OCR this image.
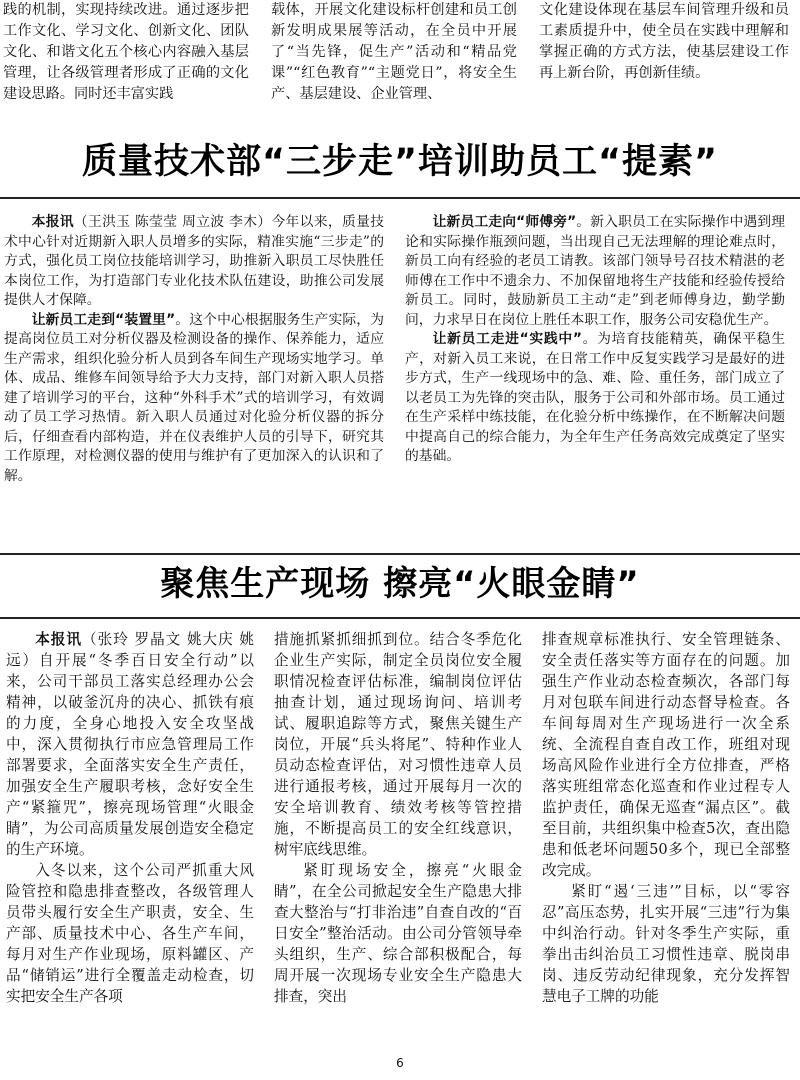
践的机制，实现持续改进。通过逐步把工作文化、学习文化、创新文化、团队文化、和谐文化五个核心内容融入基层管理，让各级管理者形成了正确的文化建设思路。同时还丰富实践

载体，开展文化建设标杆创建和员工创新发明成果展等活动，在全员中开展了“当先锋，促生产”活动和“精品党课”“红色教育”“主题党日”，将安全生产、基层建设、企业管理、

文化建设体现在基层车间管理升级和员工素质提升中，使全员在实践中理解和掌握正确的方式方法，使基层建设工作再上新台阶，再创新佳绩。

质量技术部“三步走”培训助员工“提素”

本报讯（王洪玉 陈莹莹 周立波 李木）今年以来，质量技术中心针对近期新入职人员增多的实际，精准实施“三步走”的方式，强化员工岗位技能培训学习，助推新入职员工尽快胜任本岗位工作，为打造部门专业化技术队伍建设，助推公司发展提供人才保障。

让新员工走到“装置里”。这个中心根据服务生产实际，为提高岗位员工对分析仪器及检测设备的操作、保养能力，适应生产需求，组织化验分析人员到各车间生产现场实地学习。单体、成品、维修车间领导给予大力支持，部门对新入职人员搭建了培训学习的平台，这种“外科手术”式的培训学习，有效调动了员工学习热情。新入职人员通过对化验分析仪器的拆分后，仔细查看内部构造，并在仪表维护人员的引导下，研究其工作原理，对检测仪器的使用与维护有了更加深入的认识和了解。

让新员工走向“师傅旁”。新入职员工在实际操作中遇到理论和实际操作瓶颈问题，当出现自己无法理解的理论难点时，新员工向有经验的老员工请教。该部门领导号召技术精湛的老师傅在工作中不遗余力、不加保留地将生产技能和经验传授给新员工。同时，鼓励新员工主动“走”到老师傅身边，勤学勤问，力求早日在岗位上胜任本职工作，服务公司安稳优生产。

让新员工走进“实践中”。为培育技能精英，确保平稳生产，对新入员工来说，在日常工作中反复实践学习是最好的进步方式，生产一线现场中的急、难、险、重任务，部门成立了以老员工为先锋的突击队，服务于公司和外部市场。员工通过在生产采样中练技能，在化验分析中练操作，在不断解决问题中提高自己的综合能力，为全年生产任务高效完成奠定了坚实的基础。

聚焦生产现场 擦亮“火眼金睛”

本报讯（张玲 罗晶文 姚大庆 姚远）自开展“冬季百日安全行动”以来，公司干部员工落实总经理办公会精神，以破釜沉舟的决心、抓铁有痕的力度，全身心地投入安全攻坚战中，深入贯彻执行市应急管理局工作部署要求，全面落实安全生产责任，加强安全生产履职考核，念好安全生产“紧箍咒”，擦亮现场管理“火眼金睛”，为公司高质量发展创造安全稳定的生产环境。

入冬以来，这个公司严抓重大风险管控和隐患排查整改，各级管理人员带头履行安全生产职责，安全、生产部、质量技术中心、各生产车间，每月对生产作业现场，原料罐区、产品“储销运”进行全覆盖走动检查，切实把安全生产各项

措施抓紧抓细抓到位。结合冬季危化企业生产实际，制定全员岗位安全履职情况检查评估标准，编制岗位评估抽查计划，通过现场询问、培训考试、履职追踪等方式，聚焦关键生产岗位，开展“兵头将尾”、特种作业人员动态检查评估，对习惯性违章人员进行通报考核，通过开展每月一次的安全培训教育、绩效考核等管控措施，不断提高员工的安全红线意识，树牢底线思维。

紧盯现场安全，擦亮“火眼金睛”，在全公司掀起安全生产隐患大排查大整治与“打非治违”自查自改的“百日安全”整治活动。由公司分管领导牵头组织，生产、综合部积极配合，每周开展一次现场专业安全生产隐患大排查，突出

排查规章标准执行、安全管理链条、安全责任落实等方面存在的问题。加强生产作业动态检查频次，各部门每月对包联车间进行动态督导检查。各车间每周对生产现场进行一次全系统、全流程自查自改工作，班组对现场高风险作业进行全方位排查，严格落实班组常态化巡查和作业过程专人监护责任，确保无巡查“漏点区”。截至目前，共组织集中检查5次，查出隐患和低老坏问题50多个，现已全部整改完成。

紧盯“遏‘三违’”目标，以“零容忍”高压态势，扎实开展“三违”行为集中纠治行动。针对冬季生产实际，重拳出击纠治员工习惯性违章、脱岗串岗、违反劳动纪律现象，充分发挥智慧电子工牌的功能

6
